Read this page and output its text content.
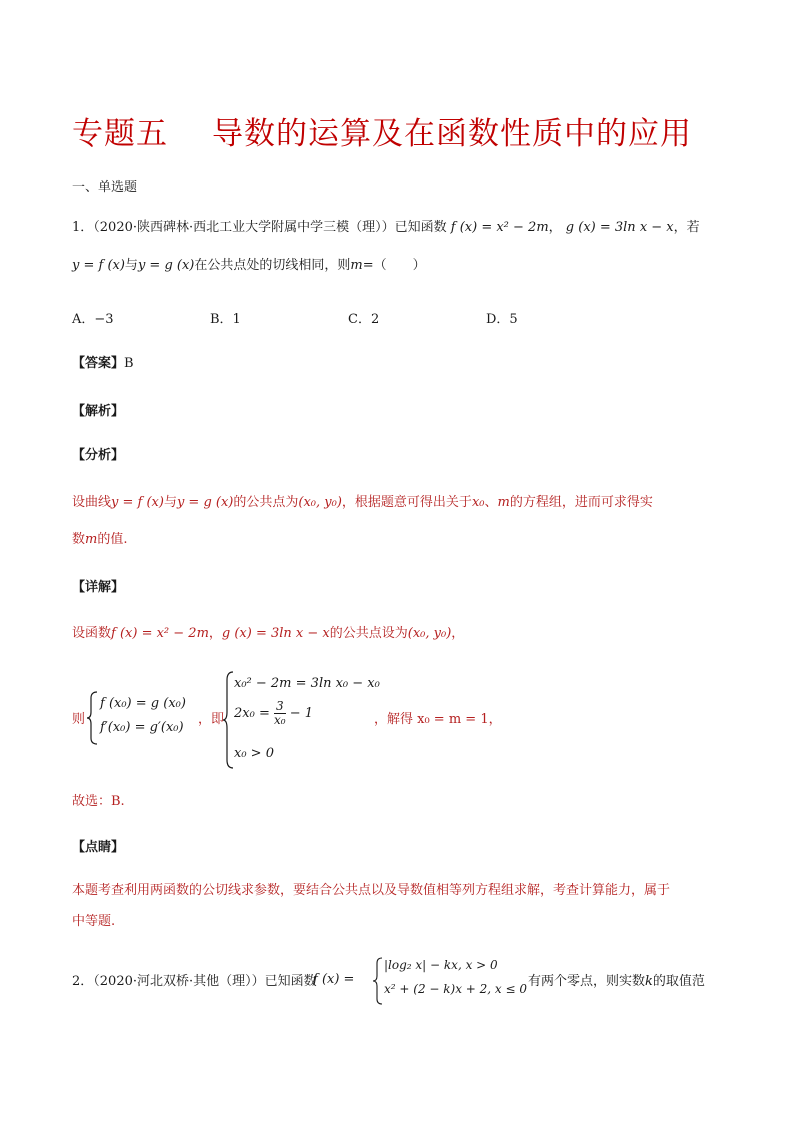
专题五 导数的运算及在函数性质中的应用
一、单选题
1．（2020·陕西碑林·西北工业大学附属中学三模（理））已知函数 f (x) = x² − 2m， g (x) = 3ln x − x，若
y = f (x)与y = g (x)在公共点处的切线相同，则m=（　　）
A．−3	B．1	C．2	D．5
【答案】B
【解析】
【分析】
设曲线y = f (x)与y = g (x)的公共点为(x₀, y₀)，根据题意可得出关于x₀、m的方程组，进而可求得实
数m的值.
【详解】
设函数f (x) = x² − 2m，g (x) = 3ln x − x的公共点设为(x₀, y₀)，
则
f (x₀) = g (x₀)
f′(x₀) = g′(x₀)
，即
x₀² − 2m = 3ln x₀ − x₀
$2x_0 = \frac{3}{\text{x₀}} - 1$
x₀ > 0
，解得 x₀ = m = 1，
故选：B.
【点睛】
本题考查利用两函数的公切线求参数，要结合公共点以及导数值相等列方程组求解，考查计算能力，属于
中等题.
2．（2020·河北双桥·其他（理））已知函数
f (x) =
|log₂ x| − kx, x > 0
x² + (2 − k)x + 2, x ≤ 0 有两个零点，则实数k的取值范
